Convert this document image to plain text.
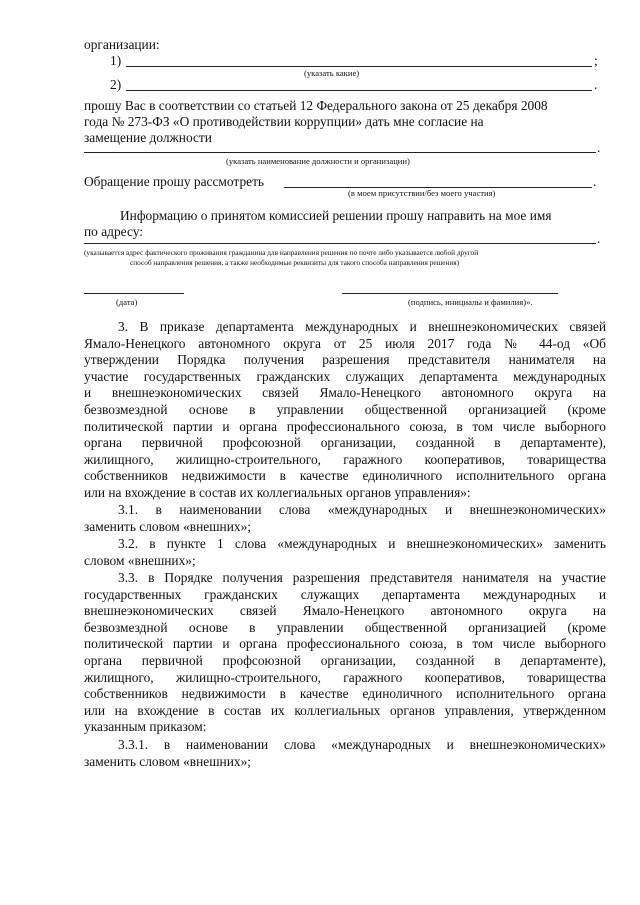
организации:
1)	;
(указать какие)
2)	.
прошу Вас в соответствии со статьей 12 Федерального закона от 25 декабря 2008
года № 273-ФЗ «О противодействии коррупции» дать мне согласие на
замещение должности
.
(указать наименование должности и организации)
Обращение прошу рассмотреть	.
(в моем присутствии/без моего участия)
Информацию о принятом комиссией решении прошу направить на мое имя
по адресу:	.
(указывается адрес фактического проживания гражданина для направления решения по почте либо указывается любой другой
способ направления решения, а также необходимые реквизиты для такого способа направления решения)
(дата)	(подпись, инициалы и фамилия)».
3. В приказе департамента международных и внешнеэкономических связей
Ямало-Ненецкого автономного округа от 25 июля 2017 года № 44-од «Об
утверждении Порядка получения разрешения представителя нанимателя на
участие государственных гражданских служащих департамента международных
и внешнеэкономических связей Ямало-Ненецкого автономного округа на
безвозмездной основе в управлении общественной организацией (кроме
политической партии и органа профессионального союза, в том числе выборного
органа первичной профсоюзной организации, созданной в департаменте),
жилищного, жилищно-строительного, гаражного кооперативов, товарищества
собственников недвижимости в качестве единоличного исполнительного органа
или на вхождение в состав их коллегиальных органов управления»:
3.1. в наименовании слова «международных и внешнеэкономических»
заменить словом «внешних»;
3.2. в пункте 1 слова «международных и внешнеэкономических» заменить
словом «внешних»;
3.3. в Порядке получения разрешения представителя нанимателя на участие
государственных гражданских служащих департамента международных и
внешнеэкономических связей Ямало-Ненецкого автономного округа на
безвозмездной основе в управлении общественной организацией (кроме
политической партии и органа профессионального союза, в том числе выборного
органа первичной профсоюзной организации, созданной в департаменте),
жилищного, жилищно-строительного, гаражного кооперативов, товарищества
собственников недвижимости в качестве единоличного исполнительного органа
или на вхождение в состав их коллегиальных органов управления, утвержденном
указанным приказом:
3.3.1. в наименовании слова «международных и внешнеэкономических»
заменить словом «внешних»;
